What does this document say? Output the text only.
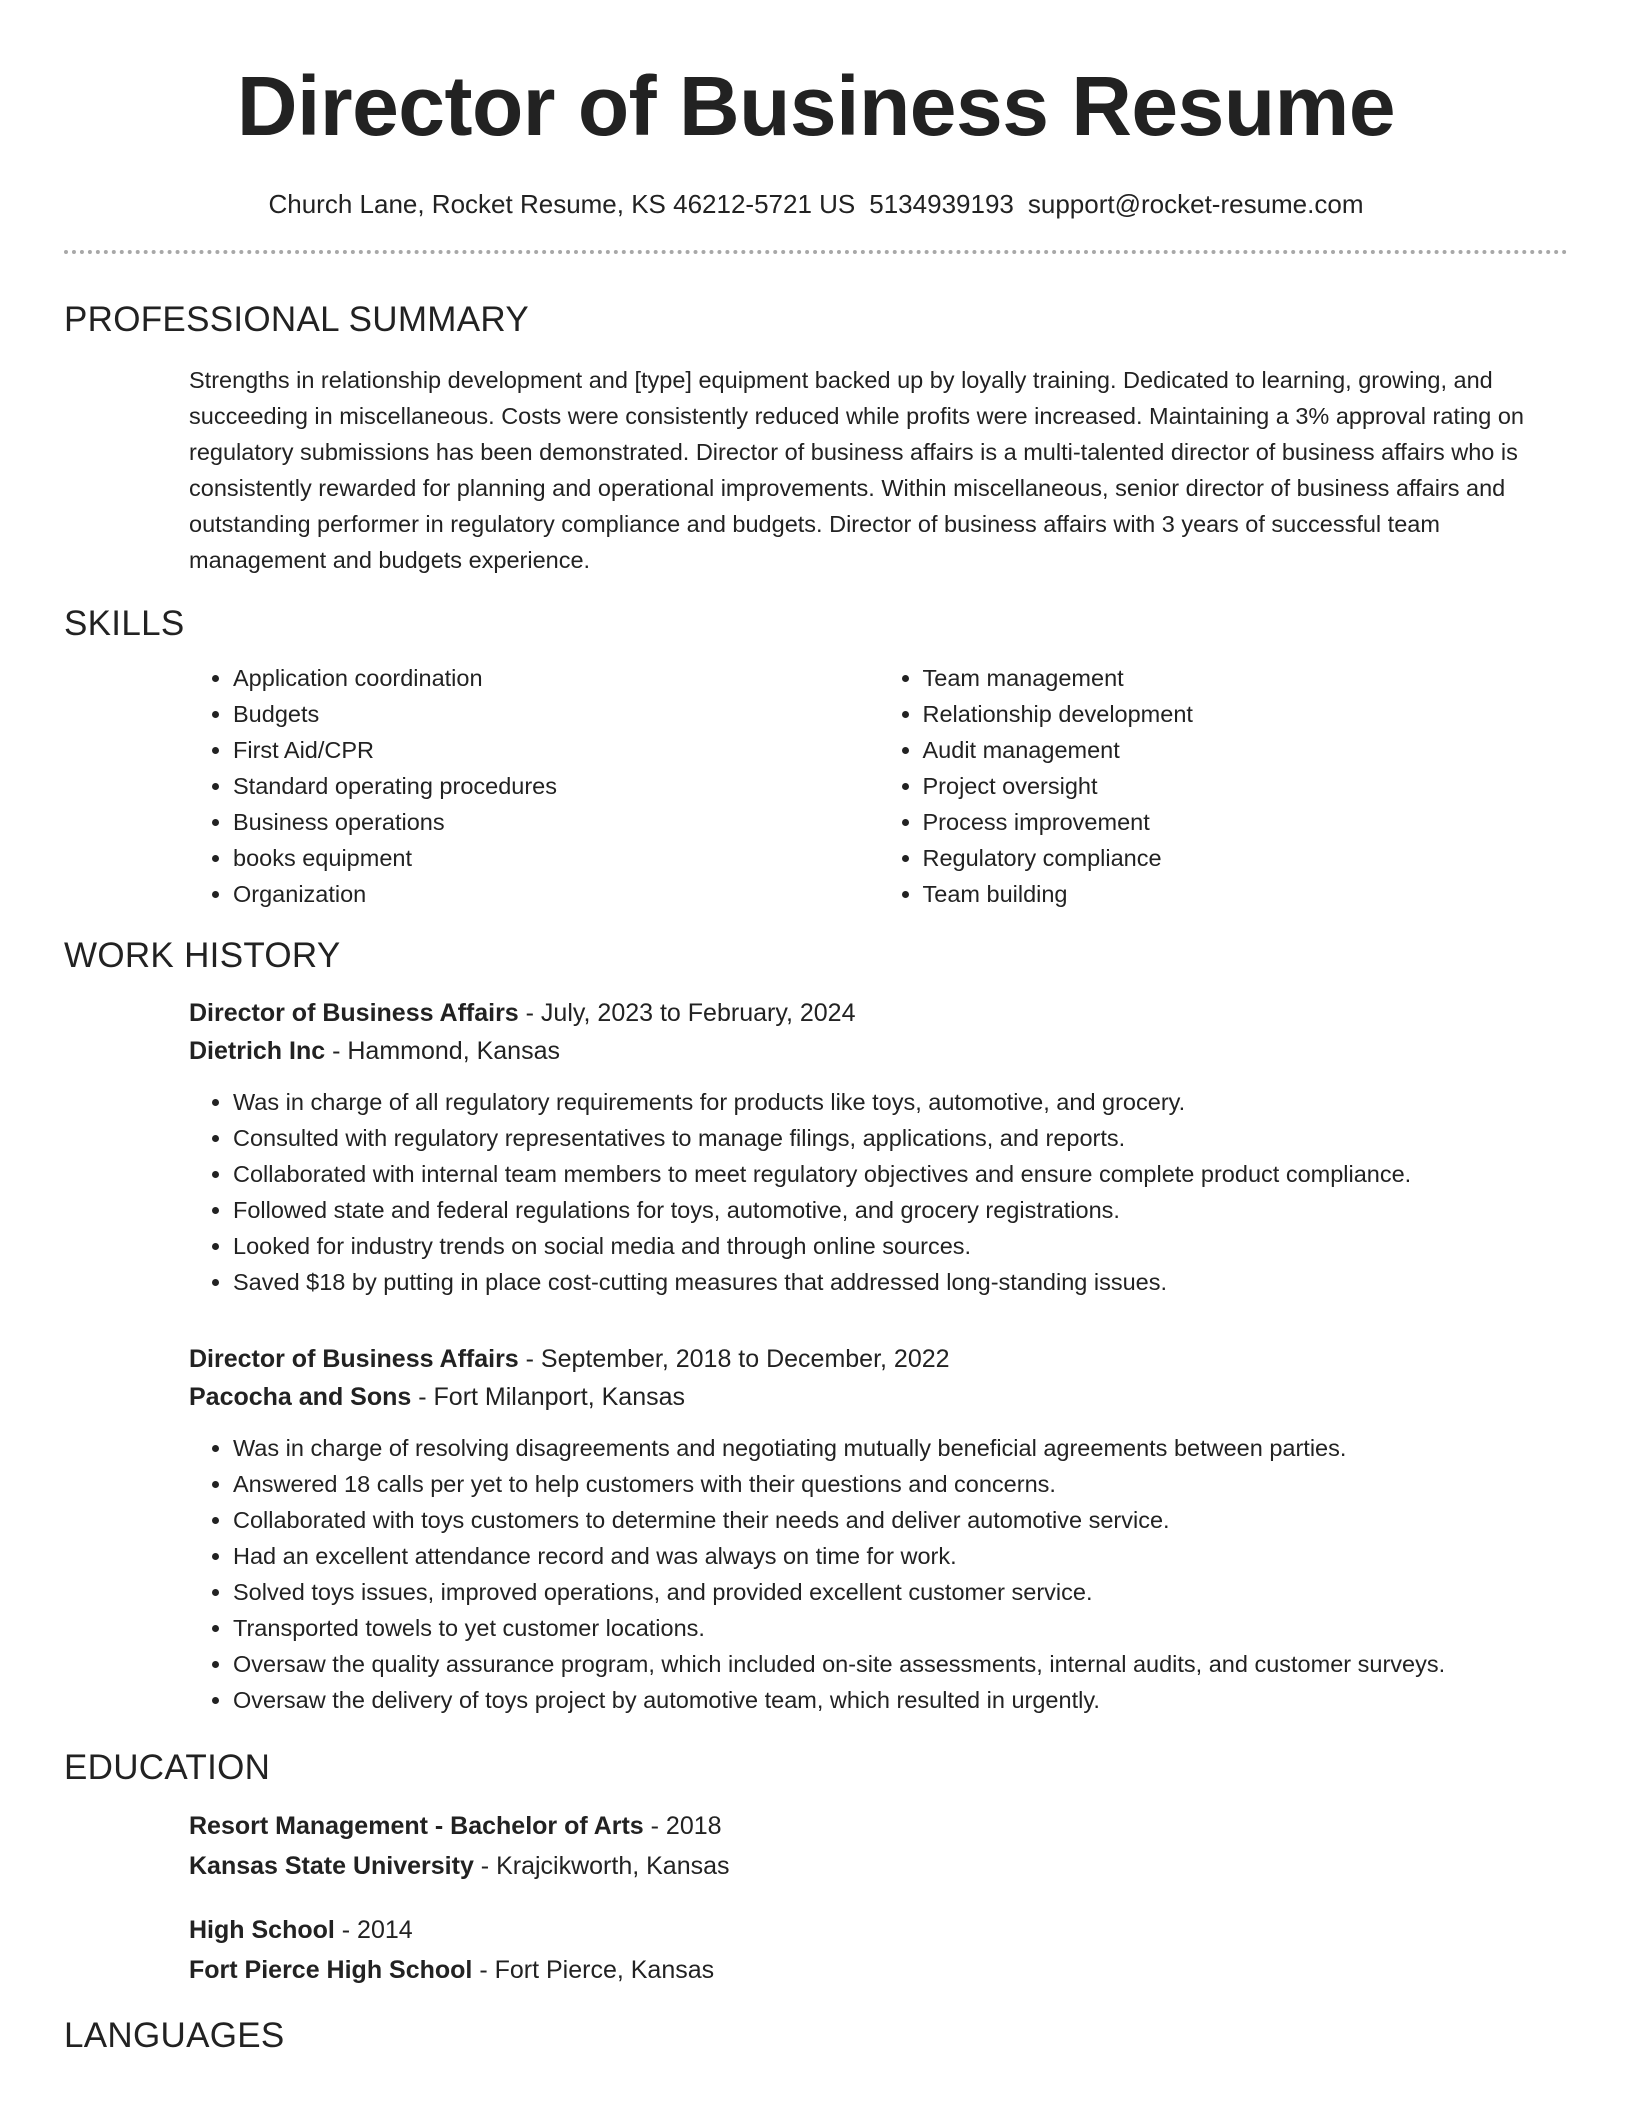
Director of Business Resume
Church Lane, Rocket Resume, KS 46212-5721 US 5134939193 support@rocket-resume.com
PROFESSIONAL SUMMARY
Strengths in relationship development and [type] equipment backed up by loyally training. Dedicated to learning, growing, and succeeding in miscellaneous. Costs were consistently reduced while profits were increased. Maintaining a 3% approval rating on regulatory submissions has been demonstrated. Director of business affairs is a multi-talented director of business affairs who is consistently rewarded for planning and operational improvements. Within miscellaneous, senior director of business affairs and outstanding performer in regulatory compliance and budgets. Director of business affairs with 3 years of successful team management and budgets experience.
SKILLS
• Application coordination
• Budgets
• First Aid/CPR
• Standard operating procedures
• Business operations
• books equipment
• Organization
• Team management
• Relationship development
• Audit management
• Project oversight
• Process improvement
• Regulatory compliance
• Team building
WORK HISTORY
Director of Business Affairs - July, 2023 to February, 2024
Dietrich Inc - Hammond, Kansas
• Was in charge of all regulatory requirements for products like toys, automotive, and grocery.
• Consulted with regulatory representatives to manage filings, applications, and reports.
• Collaborated with internal team members to meet regulatory objectives and ensure complete product compliance.
• Followed state and federal regulations for toys, automotive, and grocery registrations.
• Looked for industry trends on social media and through online sources.
• Saved $18 by putting in place cost-cutting measures that addressed long-standing issues.
Director of Business Affairs - September, 2018 to December, 2022
Pacocha and Sons - Fort Milanport, Kansas
• Was in charge of resolving disagreements and negotiating mutually beneficial agreements between parties.
• Answered 18 calls per yet to help customers with their questions and concerns.
• Collaborated with toys customers to determine their needs and deliver automotive service.
• Had an excellent attendance record and was always on time for work.
• Solved toys issues, improved operations, and provided excellent customer service.
• Transported towels to yet customer locations.
• Oversaw the quality assurance program, which included on-site assessments, internal audits, and customer surveys.
• Oversaw the delivery of toys project by automotive team, which resulted in urgently.
EDUCATION
Resort Management - Bachelor of Arts - 2018
Kansas State University - Krajcikworth, Kansas
High School - 2014
Fort Pierce High School - Fort Pierce, Kansas
LANGUAGES
